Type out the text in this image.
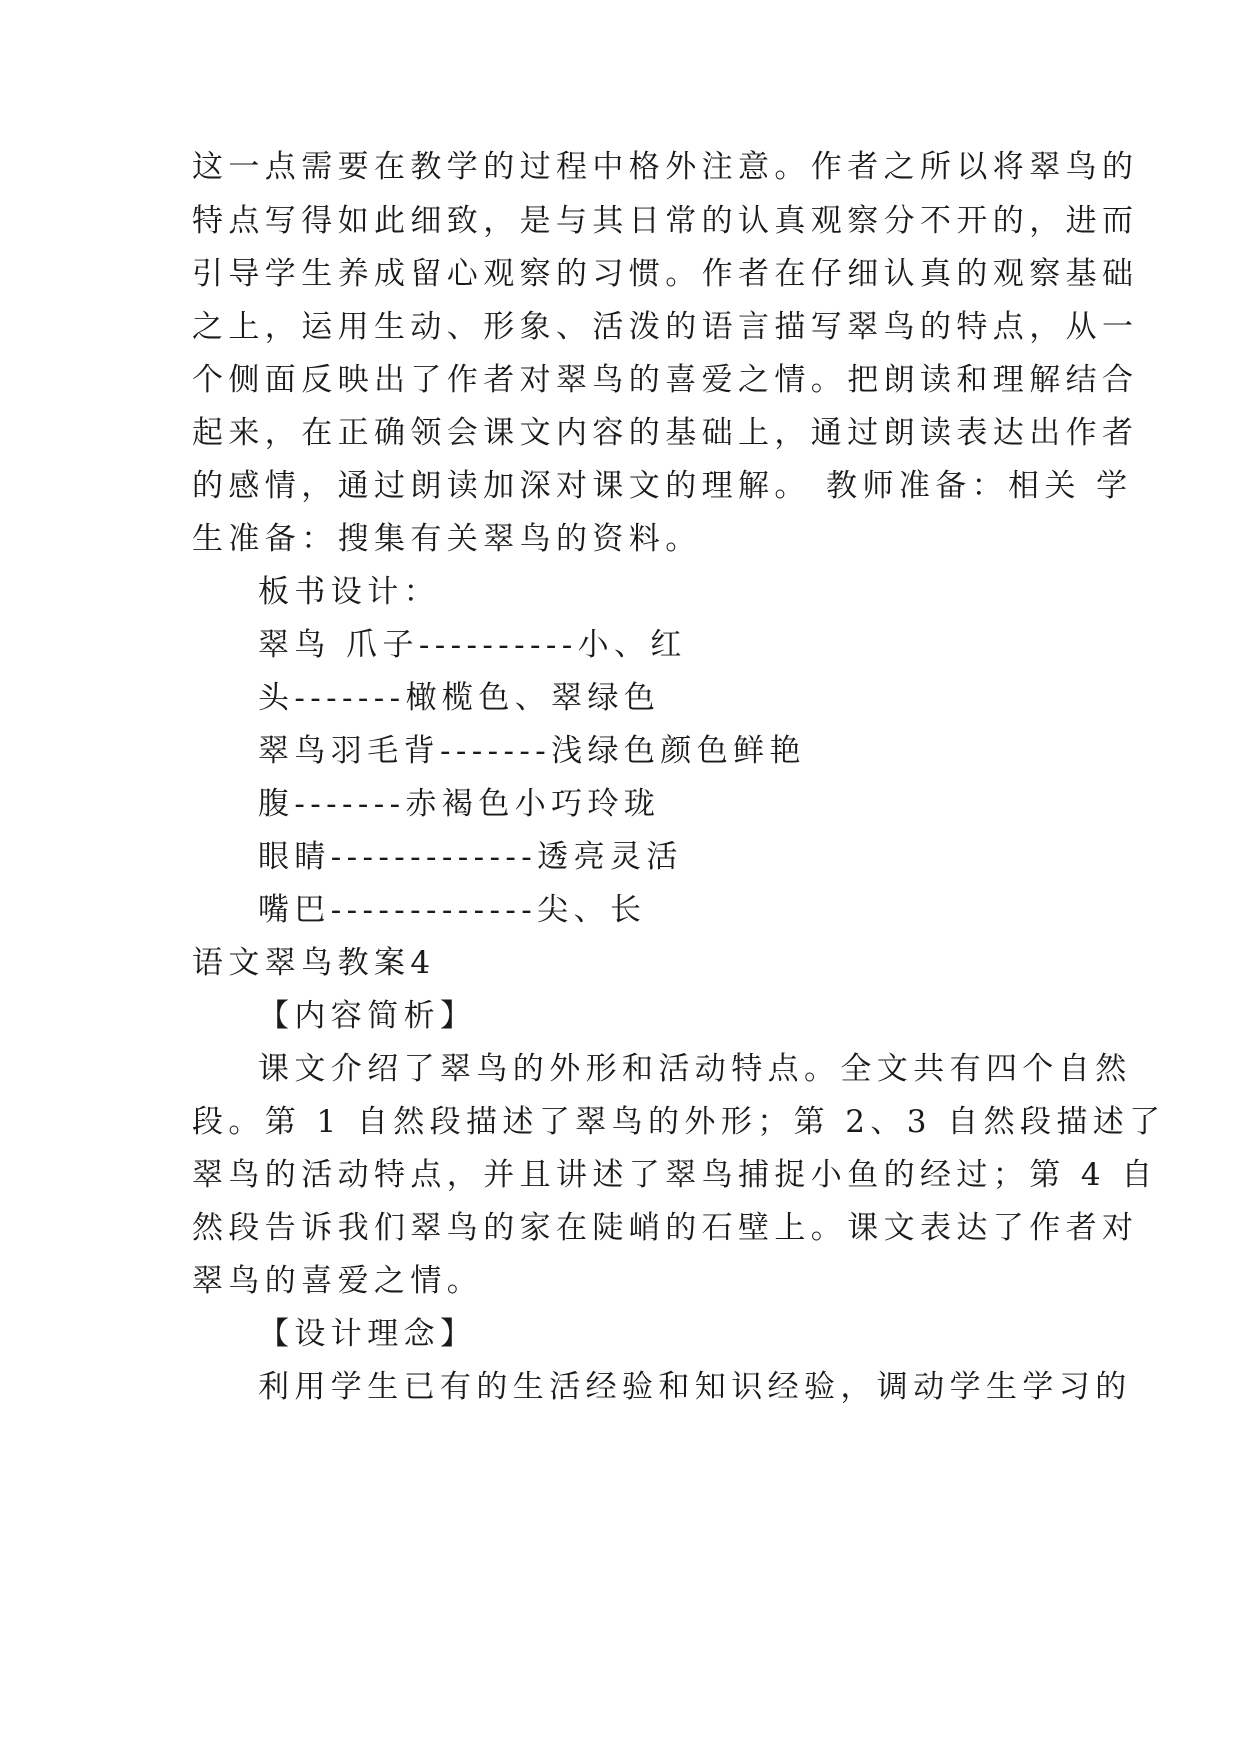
这一点需要在教学的过程中格外注意。作者之所以将翠鸟的
特点写得如此细致，是与其日常的认真观察分不开的，进而
引导学生养成留心观察的习惯。作者在仔细认真的观察基础
之上，运用生动、形象、活泼的语言描写翠鸟的特点，从一
个侧面反映出了作者对翠鸟的喜爱之情。把朗读和理解结合
起来，在正确领会课文内容的基础上，通过朗读表达出作者
的感情，通过朗读加深对课文的理解。 教师准备：相关 学
生准备：搜集有关翠鸟的资料。
板书设计：
翠鸟 爪子----------小、红
头-------橄榄色、翠绿色
翠鸟羽毛背-------浅绿色颜色鲜艳
腹-------赤褐色小巧玲珑
眼睛-------------透亮灵活
嘴巴-------------尖、长
语文翠鸟教案4
【内容简析】
课文介绍了翠鸟的外形和活动特点。全文共有四个自然
段。第 1 自然段描述了翠鸟的外形；第 2、3 自然段描述了
翠鸟的活动特点，并且讲述了翠鸟捕捉小鱼的经过；第 4 自
然段告诉我们翠鸟的家在陡峭的石壁上。课文表达了作者对
翠鸟的喜爱之情。
【设计理念】
利用学生已有的生活经验和知识经验，调动学生学习的
